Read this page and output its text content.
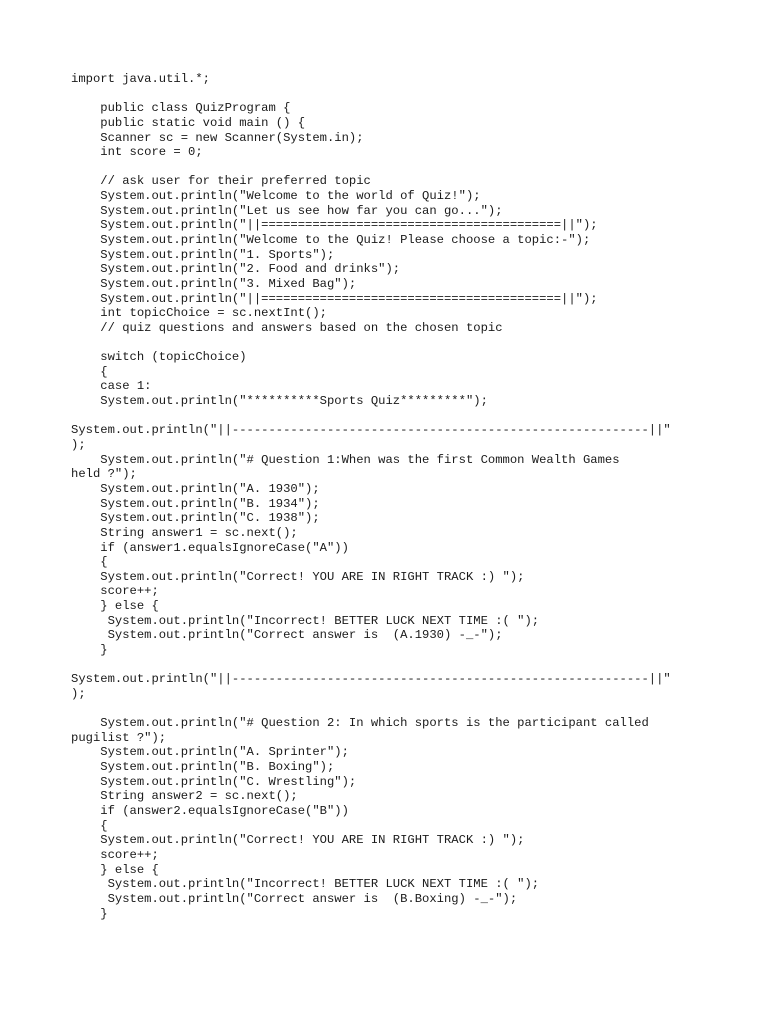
import java.util.*;
public class QuizProgram {
public static void main () {
Scanner sc = new Scanner(System.in);
int score = 0;
// ask user for their preferred topic
System.out.println("Welcome to the world of Quiz!");
System.out.println("Let us see how far you can go...");
System.out.println("||=========================================||");
System.out.println("Welcome to the Quiz! Please choose a topic:-");
System.out.println("1. Sports");
System.out.println("2. Food and drinks");
System.out.println("3. Mixed Bag");
System.out.println("||=========================================||");
int topicChoice = sc.nextInt();
// quiz questions and answers based on the chosen topic
switch (topicChoice)
{
case 1:
System.out.println("**********Sports Quiz*********");
System.out.println("||---------------------------------------------------------||"
);
System.out.println("# Question 1:When was the first Common Wealth Games
held ?");
System.out.println("A. 1930");
System.out.println("B. 1934");
System.out.println("C. 1938");
String answer1 = sc.next();
if (answer1.equalsIgnoreCase("A"))
{
System.out.println("Correct! YOU ARE IN RIGHT TRACK :) ");
score++;
} else {
System.out.println("Incorrect! BETTER LUCK NEXT TIME :( ");
System.out.println("Correct answer is  (A.1930) -_-");
}
System.out.println("||---------------------------------------------------------||"
);
System.out.println("# Question 2: In which sports is the participant called
pugilist ?");
System.out.println("A. Sprinter");
System.out.println("B. Boxing");
System.out.println("C. Wrestling");
String answer2 = sc.next();
if (answer2.equalsIgnoreCase("B"))
{
System.out.println("Correct! YOU ARE IN RIGHT TRACK :) ");
score++;
} else {
System.out.println("Incorrect! BETTER LUCK NEXT TIME :( ");
System.out.println("Correct answer is  (B.Boxing) -_-");
}
